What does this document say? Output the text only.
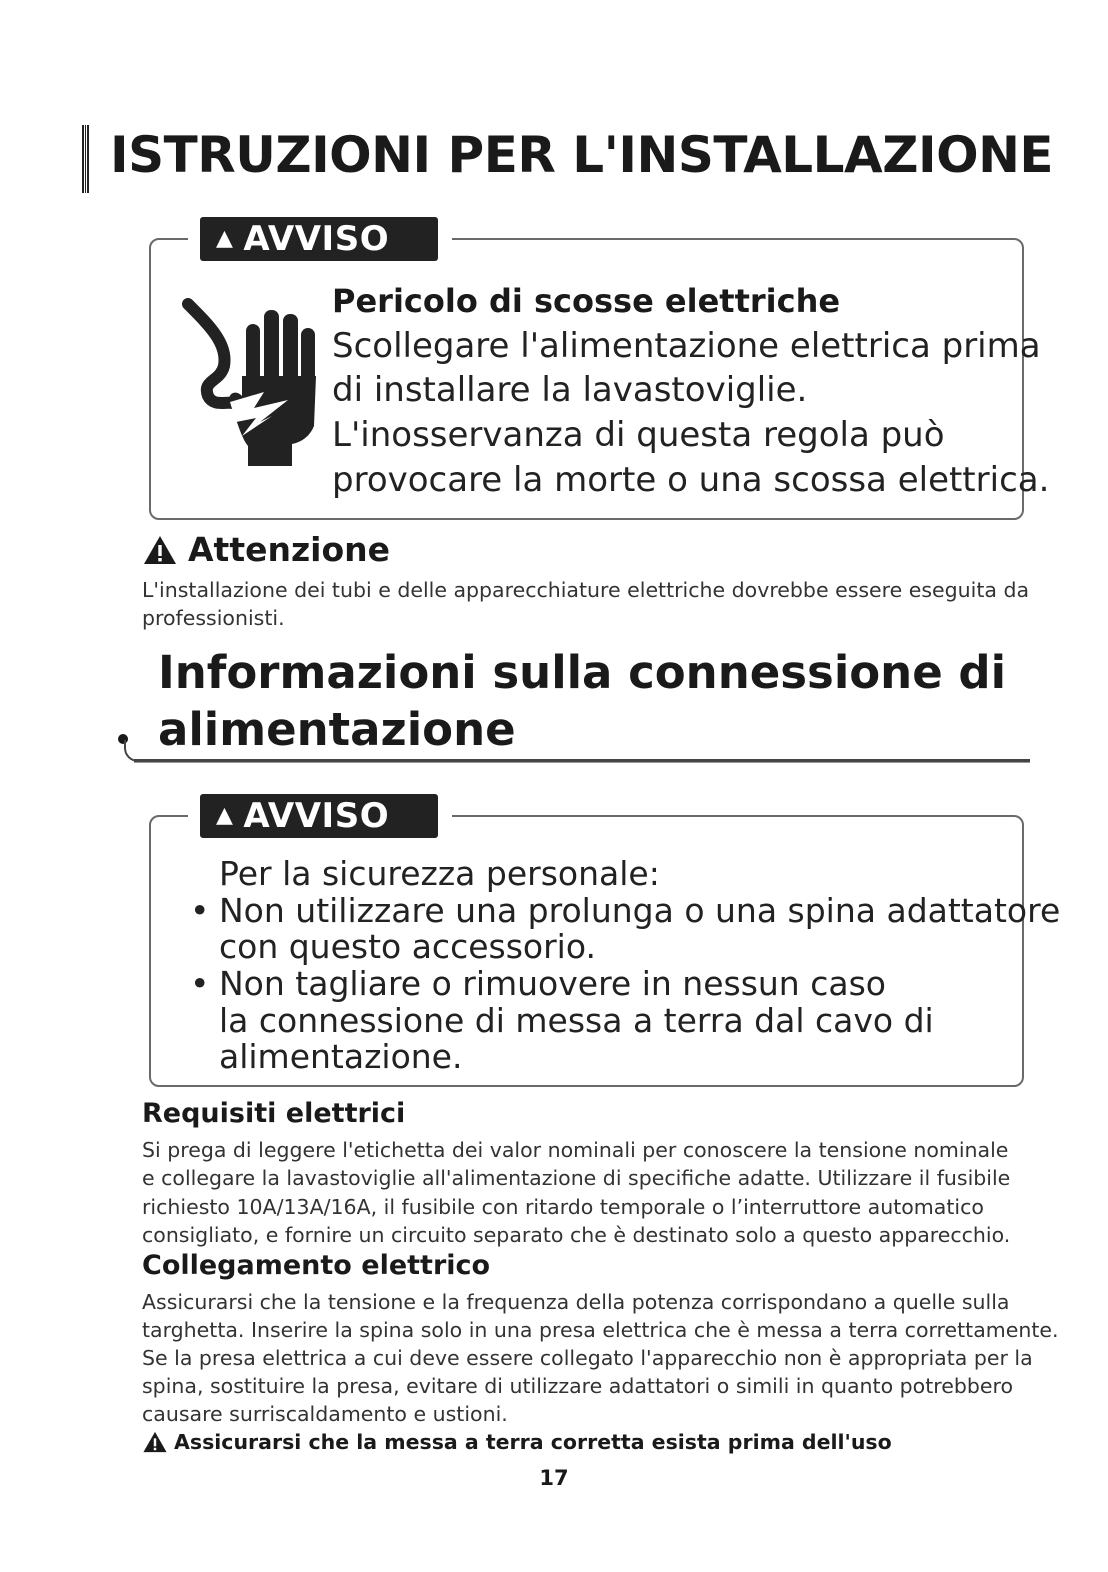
ISTRUZIONI PER L'INSTALLAZIONE
▲ AVVISO
Pericolo di scosse elettriche
Scollegare l'alimentazione elettrica prima
di installare la lavastoviglie.
L'inosservanza di questa regola può
provocare la morte o una scossa elettrica.
Attenzione
L'installazione dei tubi e delle apparecchiature elettriche dovrebbe essere eseguita da
professionisti.
Informazioni sulla connessione di
alimentazione
▲ AVVISO
Per la sicurezza personale:
• Non utilizzare una prolunga o una spina adattatore
con questo accessorio.
• Non tagliare o rimuovere in nessun caso
la connessione di messa a terra dal cavo di
alimentazione.
Requisiti elettrici
Si prega di leggere l'etichetta dei valor nominali per conoscere la tensione nominale
e collegare la lavastoviglie all'alimentazione di specifiche adatte. Utilizzare il fusibile
richiesto 10A/13A/16A, il fusibile con ritardo temporale o l’interruttore automatico
consigliato, e fornire un circuito separato che è destinato solo a questo apparecchio.
Collegamento elettrico
Assicurarsi che la tensione e la frequenza della potenza corrispondano a quelle sulla
targhetta. Inserire la spina solo in una presa elettrica che è messa a terra correttamente.
Se la presa elettrica a cui deve essere collegato l'apparecchio non è appropriata per la
spina, sostituire la presa, evitare di utilizzare adattatori o simili in quanto potrebbero
causare surriscaldamento e ustioni.
Assicurarsi che la messa a terra corretta esista prima dell'uso
17
